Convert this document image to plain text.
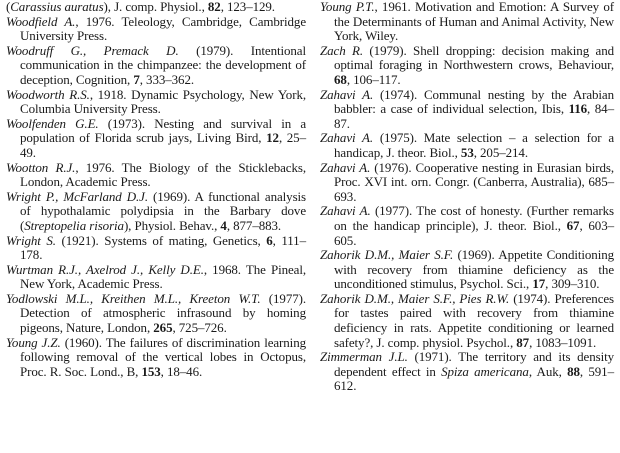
(Carassius auratus), J. comp. Physiol., 82, 123–129.

Woodfield A., 1976. Teleology, Cambridge, Cambridge University Press.

Woodruff G., Premack D. (1979). Intentional communication in the chimpanzee: the development of deception, Cognition, 7, 333–362.

Woodworth R.S., 1918. Dynamic Psychology, New York, Columbia University Press.

Woolfenden G.E. (1973). Nesting and survival in a population of Florida scrub jays, Living Bird, 12, 25–49.

Wootton R.J., 1976. The Biology of the Sticklebacks, London, Academic Press.

Wright P., McFarland D.J. (1969). A functional analysis of hypothalamic polydipsia in the Barbary dove (Streptopelia risoria), Physiol. Behav., 4, 877–883.

Wright S. (1921). Systems of mating, Genetics, 6, 111–178.

Wurtman R.J., Axelrod J., Kelly D.E., 1968. The Pineal, New York, Academic Press.

Yodlowski M.L., Kreithen M.L., Kreeton W.T. (1977). Detection of atmospheric infrasound by homing pigeons, Nature, London, 265, 725–726.

Young J.Z. (1960). The failures of discrimination learning following removal of the vertical lobes in Octopus, Proc. R. Soc. Lond., B, 153, 18–46.

Young P.T., 1961. Motivation and Emotion: A Survey of the Determinants of Human and Animal Activity, New York, Wiley.

Zach R. (1979). Shell dropping: decision making and optimal foraging in Northwestern crows, Behaviour, 68, 106–117.

Zahavi A. (1974). Communal nesting by the Arabian babbler: a case of individual selection, Ibis, 116, 84–87.

Zahavi A. (1975). Mate selection – a selection for a handicap, J. theor. Biol., 53, 205–214.

Zahavi A. (1976). Cooperative nesting in Eurasian birds, Proc. XVI int. orn. Congr. (Canberra, Australia), 685–693.

Zahavi A. (1977). The cost of honesty. (Further remarks on the handicap principle), J. theor. Biol., 67, 603–605.

Zahorik D.M., Maier S.F. (1969). Appetite Conditioning with recovery from thiamine deficiency as the unconditioned stimulus, Psychol. Sci., 17, 309–310.

Zahorik D.M., Maier S.F., Pies R.W. (1974). Preferences for tastes paired with recovery from thiamine deficiency in rats. Appetite conditioning or learned safety?, J. comp. physiol. Psychol., 87, 1083–1091.

Zimmerman J.L. (1971). The territory and its density dependent effect in Spiza americana, Auk, 88, 591–612.
